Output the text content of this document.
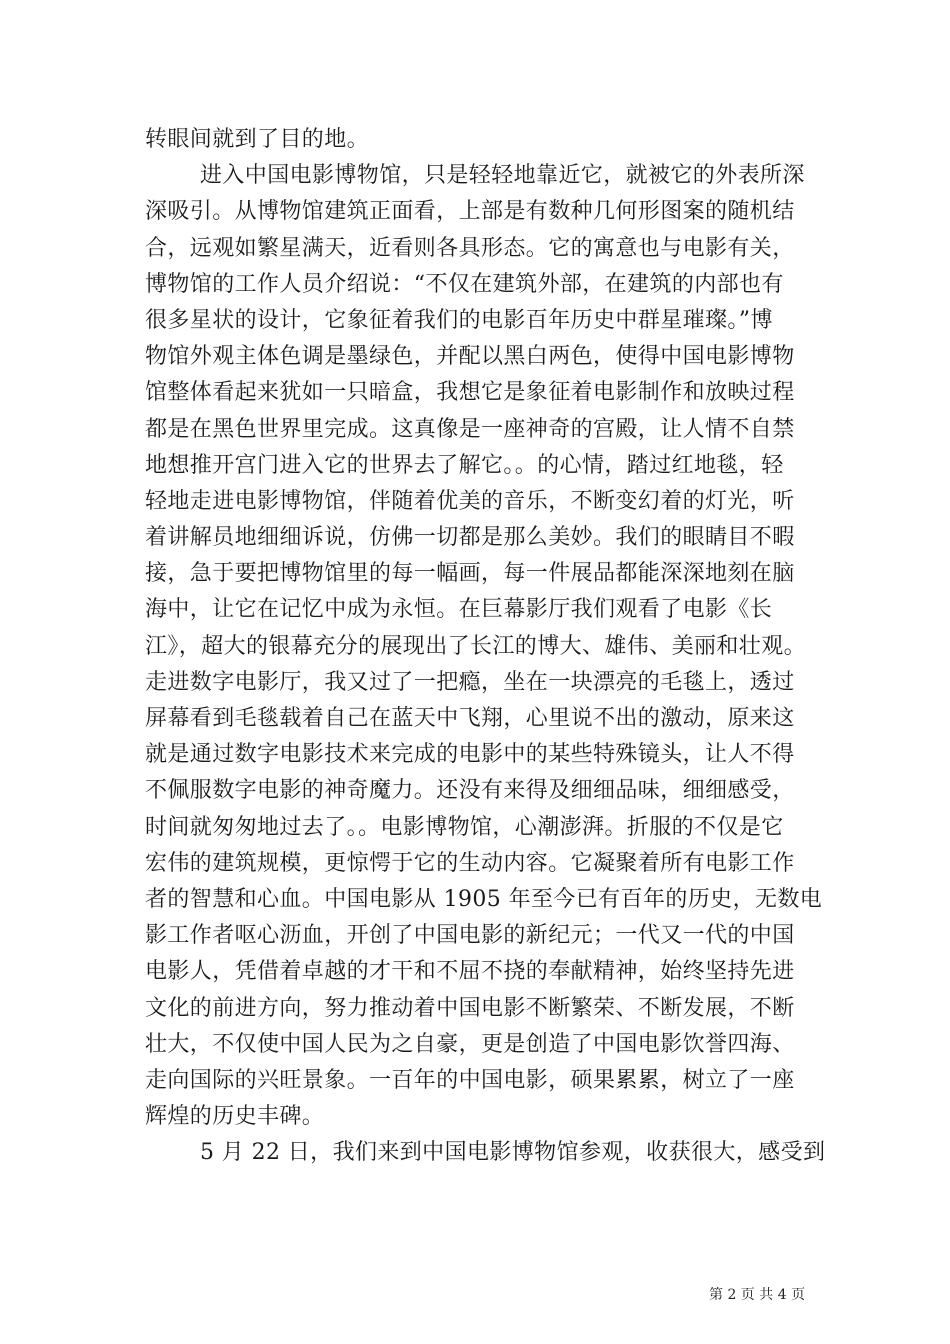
转眼间就到了目的地。
进入中国电影博物馆，只是轻轻地靠近它，就被它的外表所深
深吸引。从博物馆建筑正面看，上部是有数种几何形图案的随机结
合，远观如繁星满天，近看则各具形态。它的寓意也与电影有关，
博物馆的工作人员介绍说：“不仅在建筑外部，在建筑的内部也有
很多星状的设计，它象征着我们的电影百年历史中群星璀璨。”博
物馆外观主体色调是墨绿色，并配以黑白两色，使得中国电影博物
馆整体看起来犹如一只暗盒，我想它是象征着电影制作和放映过程
都是在黑色世界里完成。这真像是一座神奇的宫殿，让人情不自禁
地想推开宫门进入它的世界去了解它。。的心情，踏过红地毯，轻
轻地走进电影博物馆，伴随着优美的音乐，不断变幻着的灯光，听
着讲解员地细细诉说，仿佛一切都是那么美妙。我们的眼睛目不暇
接，急于要把博物馆里的每一幅画，每一件展品都能深深地刻在脑
海中，让它在记忆中成为永恒。在巨幕影厅我们观看了电影《长
江》，超大的银幕充分的展现出了长江的博大、雄伟、美丽和壮观。
走进数字电影厅，我又过了一把瘾，坐在一块漂亮的毛毯上，透过
屏幕看到毛毯载着自己在蓝天中飞翔，心里说不出的激动，原来这
就是通过数字电影技术来完成的电影中的某些特殊镜头，让人不得
不佩服数字电影的神奇魔力。还没有来得及细细品味，细细感受，
时间就匆匆地过去了。。电影博物馆，心潮澎湃。折服的不仅是它
宏伟的建筑规模，更惊愕于它的生动内容。它凝聚着所有电影工作
者的智慧和心血。中国电影从 1905 年至今已有百年的历史，无数电
影工作者呕心沥血，开创了中国电影的新纪元；一代又一代的中国
电影人，凭借着卓越的才干和不屈不挠的奉献精神，始终坚持先进
文化的前进方向，努力推动着中国电影不断繁荣、不断发展，不断
壮大，不仅使中国人民为之自豪，更是创造了中国电影饮誉四海、
走向国际的兴旺景象。一百年的中国电影，硕果累累，树立了一座
辉煌的历史丰碑。
5 月 22 日，我们来到中国电影博物馆参观，收获很大，感受到
第 2 页 共 4 页
